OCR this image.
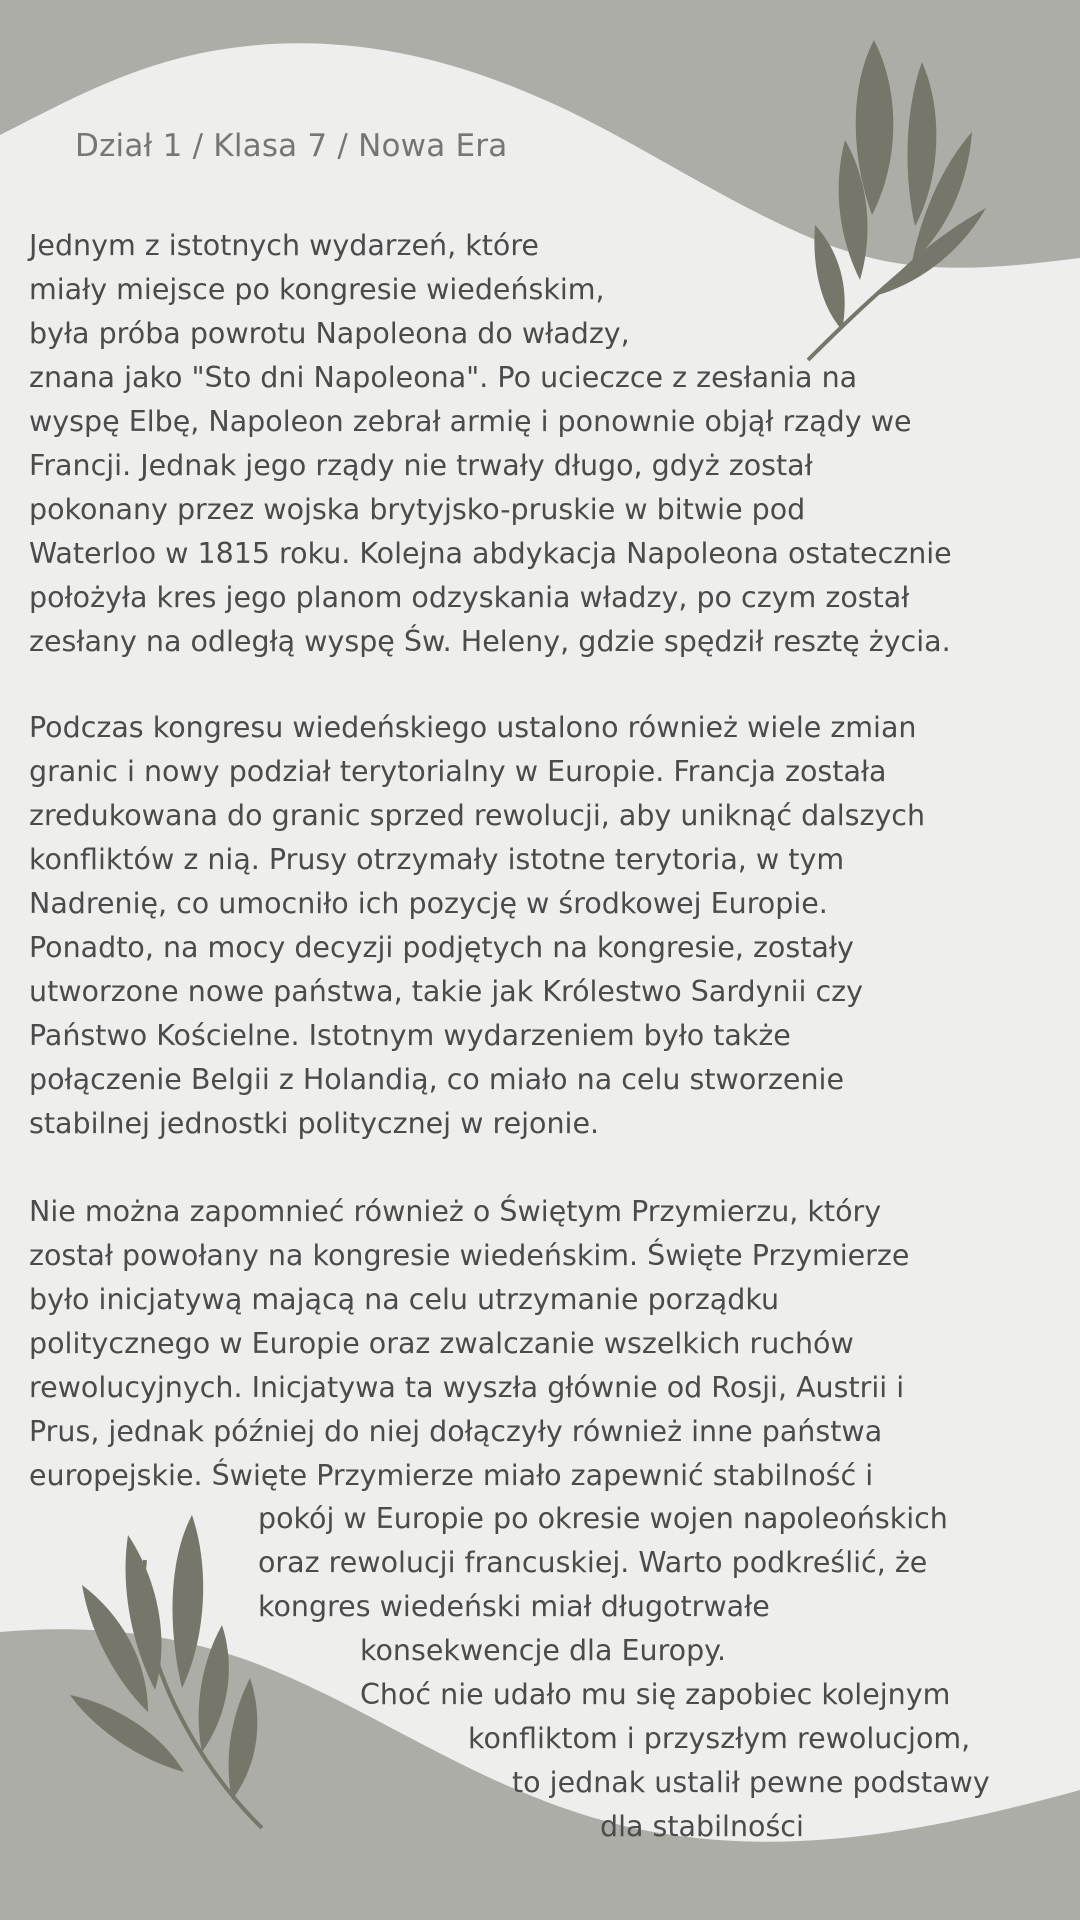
Dział 1 / Klasa 7 / Nowa Era
Jednym z istotnych wydarzeń, które
miały miejsce po kongresie wiedeńskim,
była próba powrotu Napoleona do władzy,
znana jako "Sto dni Napoleona". Po ucieczce z zesłania na
wyspę Elbę, Napoleon zebrał armię i ponownie objął rządy we
Francji. Jednak jego rządy nie trwały długo, gdyż został
pokonany przez wojska brytyjsko-pruskie w bitwie pod
Waterloo w 1815 roku. Kolejna abdykacja Napoleona ostatecznie
położyła kres jego planom odzyskania władzy, po czym został
zesłany na odległą wyspę Św. Heleny, gdzie spędził resztę życia.
Podczas kongresu wiedeńskiego ustalono również wiele zmian
granic i nowy podział terytorialny w Europie. Francja została
zredukowana do granic sprzed rewolucji, aby uniknąć dalszych
konfliktów z nią. Prusy otrzymały istotne terytoria, w tym
Nadrenię, co umocniło ich pozycję w środkowej Europie.
Ponadto, na mocy decyzji podjętych na kongresie, zostały
utworzone nowe państwa, takie jak Królestwo Sardynii czy
Państwo Kościelne. Istotnym wydarzeniem było także
połączenie Belgii z Holandią, co miało na celu stworzenie
stabilnej jednostki politycznej w rejonie.
Nie można zapomnieć również o Świętym Przymierzu, który
został powołany na kongresie wiedeńskim. Święte Przymierze
było inicjatywą mającą na celu utrzymanie porządku
politycznego w Europie oraz zwalczanie wszelkich ruchów
rewolucyjnych. Inicjatywa ta wyszła głównie od Rosji, Austrii i
Prus, jednak później do niej dołączyły również inne państwa
europejskie. Święte Przymierze miało zapewnić stabilność i
pokój w Europie po okresie wojen napoleońskich
oraz rewolucji francuskiej. Warto podkreślić, że
kongres wiedeński miał długotrwałe
konsekwencje dla Europy.
Choć nie udało mu się zapobiec kolejnym
konfliktom i przyszłym rewolucjom,
to jednak ustalił pewne podstawy
dla stabilności
